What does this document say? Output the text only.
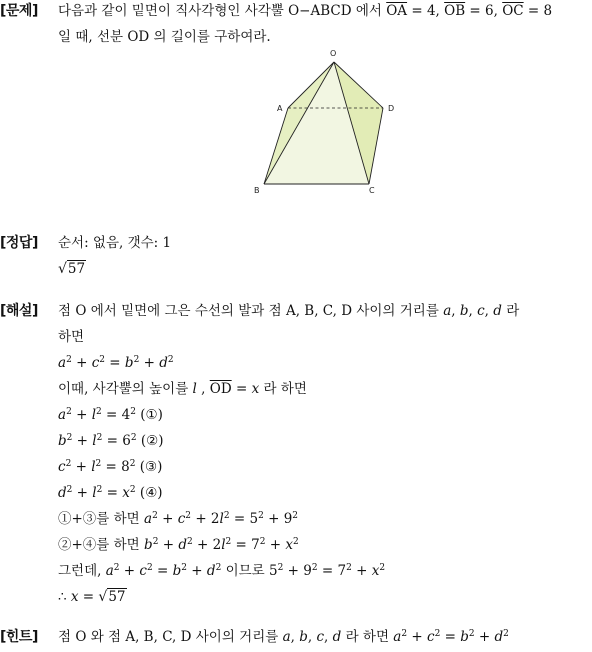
[문제] 다음과 같이 밑면이 직사각형인 사각뿔 O−ABCD 에서 $\overline{OA} = 4$, $\overline{OB} = 6$, $\overline{OC} = 8$
일 때, 선분 OD 의 길이를 구하여라.
O
A	D
B	C
[정답] 순서: 없음, 갯수: 1
√57
[해설] 점 O 에서 밑면에 그은 수선의 발과 점 A, B, C, D 사이의 거리를 a, b, c, d 라
하면
$a^2 + c^2 = b^2 + d^2$
이때, 사각뿔의 높이를 l , $\overline{OD} = x$ 라 하면
$a^2 + l^2 = 4^2$ (①)
$b^2 + l^2 = 6^2$ (②)
$c^2 + l^2 = 8^2$ (③)
$d^2 + l^2 = x^2$ (④)
①+③를 하면 $a^2 + c^2 + 2l^2 = 5^2 + 9^2$
②+④를 하면 $b^2 + d^2 + 2l^2 = 7^2 + x^2$
그런데, $a^2 + c^2 = b^2 + d^2$ 이므로 $5^2 + 9^2 = 7^2 + x^2$
∴ x = √57
[힌트] 점 O 와 점 A, B, C, D 사이의 거리를 a, b, c, d 라 하면 $a^2 + c^2 = b^2 + d^2$
